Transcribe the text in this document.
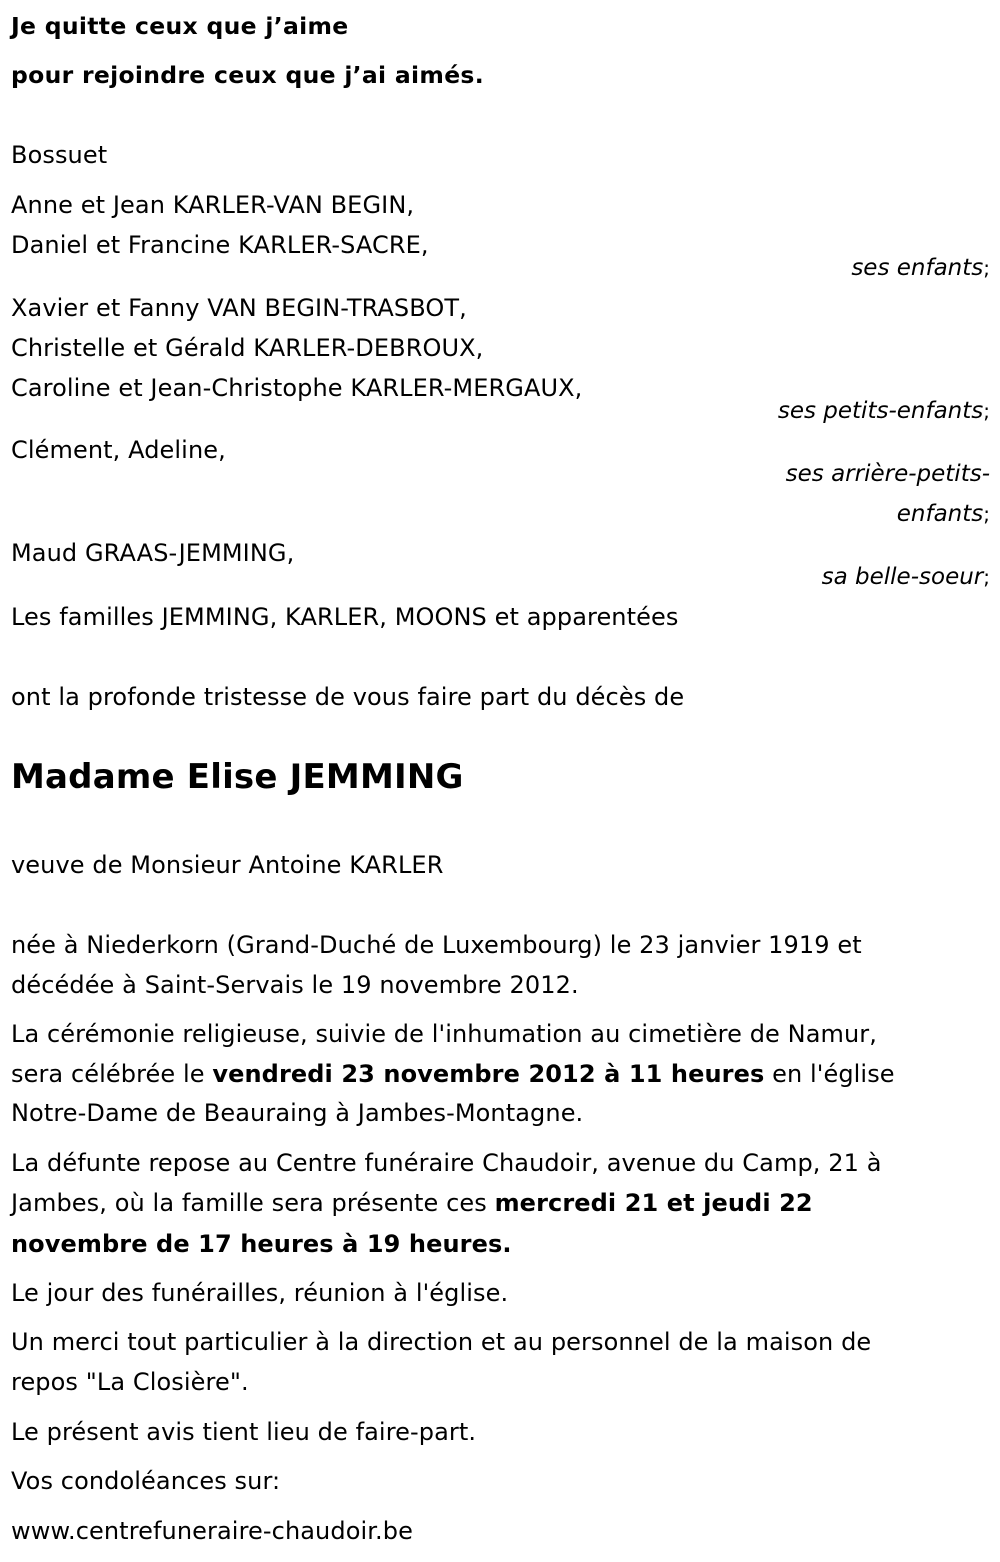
Je quitte ceux que j’aime
pour rejoindre ceux que j’ai aimés.
Bossuet
Anne et Jean KARLER-VAN BEGIN,
Daniel et Francine KARLER-SACRE,
ses enfants;
Xavier et Fanny VAN BEGIN-TRASBOT,
Christelle et Gérald KARLER-DEBROUX,
Caroline et Jean-Christophe KARLER-MERGAUX,
ses petits-enfants;
Clément, Adeline,
ses arrière-petits-
enfants;
Maud GRAAS-JEMMING,
sa belle-soeur;
Les familles JEMMING, KARLER, MOONS et apparentées
ont la profonde tristesse de vous faire part du décès de
Madame Elise JEMMING
veuve de Monsieur Antoine KARLER
née à Niederkorn (Grand-Duché de Luxembourg) le 23 janvier 1919 et
décédée à Saint-Servais le 19 novembre 2012.
La cérémonie religieuse, suivie de l'inhumation au cimetière de Namur,
sera célébrée le vendredi 23 novembre 2012 à 11 heures en l'église
Notre-Dame de Beauraing à Jambes-Montagne.
La défunte repose au Centre funéraire Chaudoir, avenue du Camp, 21 à
Jambes, où la famille sera présente ces mercredi 21 et jeudi 22
novembre de 17 heures à 19 heures.
Le jour des funérailles, réunion à l'église.
Un merci tout particulier à la direction et au personnel de la maison de
repos "La Closière".
Le présent avis tient lieu de faire-part.
Vos condoléances sur:
www.centrefuneraire-chaudoir.be
